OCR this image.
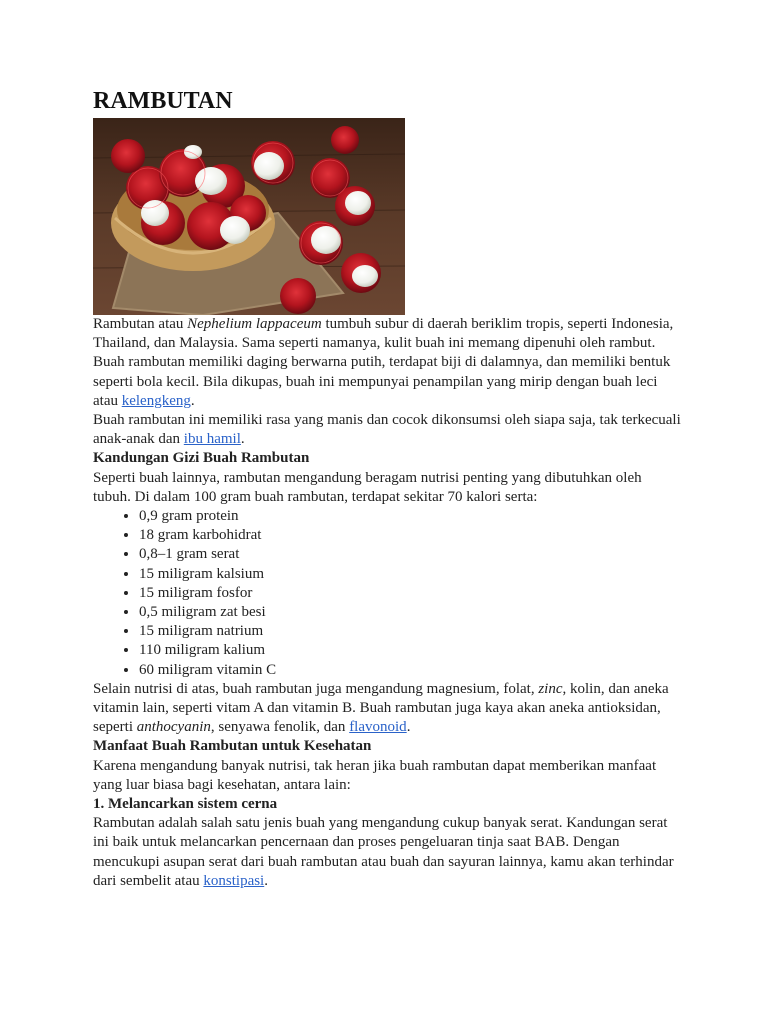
RAMBUTAN

Rambutan atau Nephelium lappaceum tumbuh subur di daerah beriklim tropis, seperti Indonesia, Thailand, dan Malaysia. Sama seperti namanya, kulit buah ini memang dipenuhi oleh rambut.

Buah rambutan memiliki daging berwarna putih, terdapat biji di dalamnya, dan memiliki bentuk seperti bola kecil. Bila dikupas, buah ini mempunyai penampilan yang mirip dengan buah leci atau kelengkeng.

Buah rambutan ini memiliki rasa yang manis dan cocok dikonsumsi oleh siapa saja, tak terkecuali anak-anak dan ibu hamil.

Kandungan Gizi Buah Rambutan

Seperti buah lainnya, rambutan mengandung beragam nutrisi penting yang dibutuhkan oleh tubuh. Di dalam 100 gram buah rambutan, terdapat sekitar 70 kalori serta:

• 0,9 gram protein
• 18 gram karbohidrat
• 0,8–1 gram serat
• 15 miligram kalsium
• 15 miligram fosfor
• 0,5 miligram zat besi
• 15 miligram natrium
• 110 miligram kalium
• 60 miligram vitamin C

Selain nutrisi di atas, buah rambutan juga mengandung magnesium, folat, zinc, kolin, dan aneka vitamin lain, seperti vitam A dan vitamin B. Buah rambutan juga kaya akan aneka antioksidan, seperti anthocyanin, senyawa fenolik, dan flavonoid.

Manfaat Buah Rambutan untuk Kesehatan

Karena mengandung banyak nutrisi, tak heran jika buah rambutan dapat memberikan manfaat yang luar biasa bagi kesehatan, antara lain:

1. Melancarkan sistem cerna

Rambutan adalah salah satu jenis buah yang mengandung cukup banyak serat. Kandungan serat ini baik untuk melancarkan pencernaan dan proses pengeluaran tinja saat BAB. Dengan mencukupi asupan serat dari buah rambutan atau buah dan sayuran lainnya, kamu akan terhindar dari sembelit atau konstipasi.
